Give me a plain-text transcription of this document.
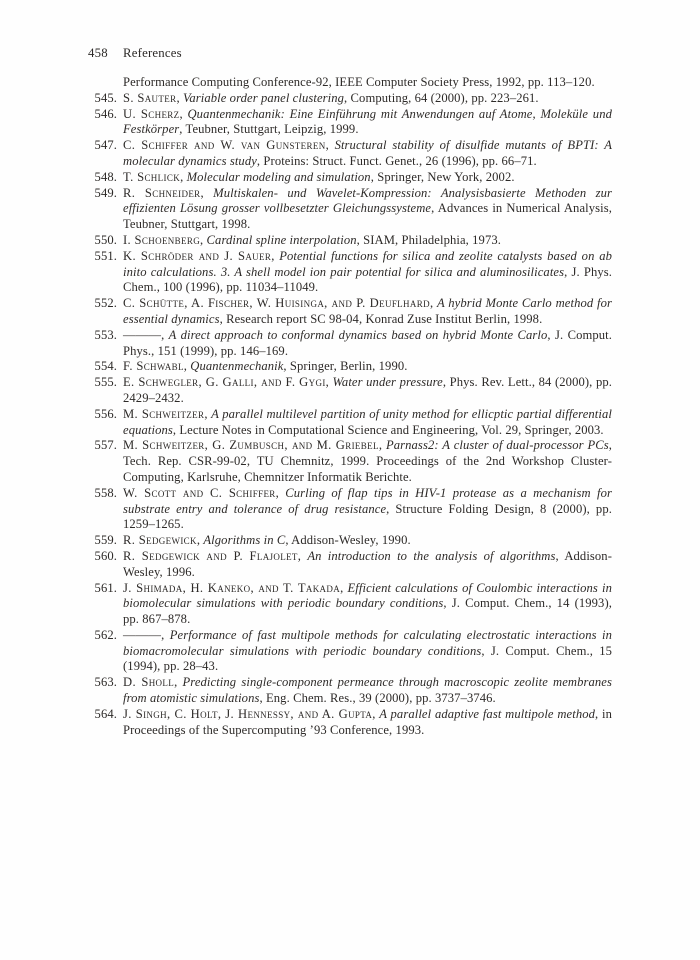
458 References
Performance Computing Conference-92, IEEE Computer Society Press, 1992, pp. 113–120.
545. S. Sauter, Variable order panel clustering, Computing, 64 (2000), pp. 223–261.
546. U. Scherz, Quantenmechanik: Eine Einführung mit Anwendungen auf Atome, Moleküle und Festkörper, Teubner, Stuttgart, Leipzig, 1999.
547. C. Schiffer and W. van Gunsteren, Structural stability of disulfide mutants of BPTI: A molecular dynamics study, Proteins: Struct. Funct. Genet., 26 (1996), pp. 66–71.
548. T. Schlick, Molecular modeling and simulation, Springer, New York, 2002.
549. R. Schneider, Multiskalen- und Wavelet-Kompression: Analysisbasierte Methoden zur effizienten Lösung grosser vollbesetzter Gleichungssysteme, Advances in Numerical Analysis, Teubner, Stuttgart, 1998.
550. I. Schoenberg, Cardinal spline interpolation, SIAM, Philadelphia, 1973.
551. K. Schröder and J. Sauer, Potential functions for silica and zeolite catalysts based on ab inito calculations. 3. A shell model ion pair potential for silica and aluminosilicates, J. Phys. Chem., 100 (1996), pp. 11034–11049.
552. C. Schütte, A. Fischer, W. Huisinga, and P. Deuflhard, A hybrid Monte Carlo method for essential dynamics, Research report SC 98-04, Konrad Zuse Institut Berlin, 1998.
553. ———, A direct approach to conformal dynamics based on hybrid Monte Carlo, J. Comput. Phys., 151 (1999), pp. 146–169.
554. F. Schwabl, Quantenmechanik, Springer, Berlin, 1990.
555. E. Schwegler, G. Galli, and F. Gygi, Water under pressure, Phys. Rev. Lett., 84 (2000), pp. 2429–2432.
556. M. Schweitzer, A parallel multilevel partition of unity method for ellicptic partial differential equations, Lecture Notes in Computational Science and Engineering, Vol. 29, Springer, 2003.
557. M. Schweitzer, G. Zumbusch, and M. Griebel, Parnass2: A cluster of dual-processor PCs, Tech. Rep. CSR-99-02, TU Chemnitz, 1999. Proceedings of the 2nd Workshop Cluster-Computing, Karlsruhe, Chemnitzer Informatik Berichte.
558. W. Scott and C. Schiffer, Curling of flap tips in HIV-1 protease as a mechanism for substrate entry and tolerance of drug resistance, Structure Folding Design, 8 (2000), pp. 1259–1265.
559. R. Sedgewick, Algorithms in C, Addison-Wesley, 1990.
560. R. Sedgewick and P. Flajolet, An introduction to the analysis of algorithms, Addison-Wesley, 1996.
561. J. Shimada, H. Kaneko, and T. Takada, Efficient calculations of Coulombic interactions in biomolecular simulations with periodic boundary conditions, J. Comput. Chem., 14 (1993), pp. 867–878.
562. ———, Performance of fast multipole methods for calculating electrostatic interactions in biomacromolecular simulations with periodic boundary conditions, J. Comput. Chem., 15 (1994), pp. 28–43.
563. D. Sholl, Predicting single-component permeance through macroscopic zeolite membranes from atomistic simulations, Eng. Chem. Res., 39 (2000), pp. 3737–3746.
564. J. Singh, C. Holt, J. Hennessy, and A. Gupta, A parallel adaptive fast multipole method, in Proceedings of the Supercomputing ’93 Conference, 1993.
